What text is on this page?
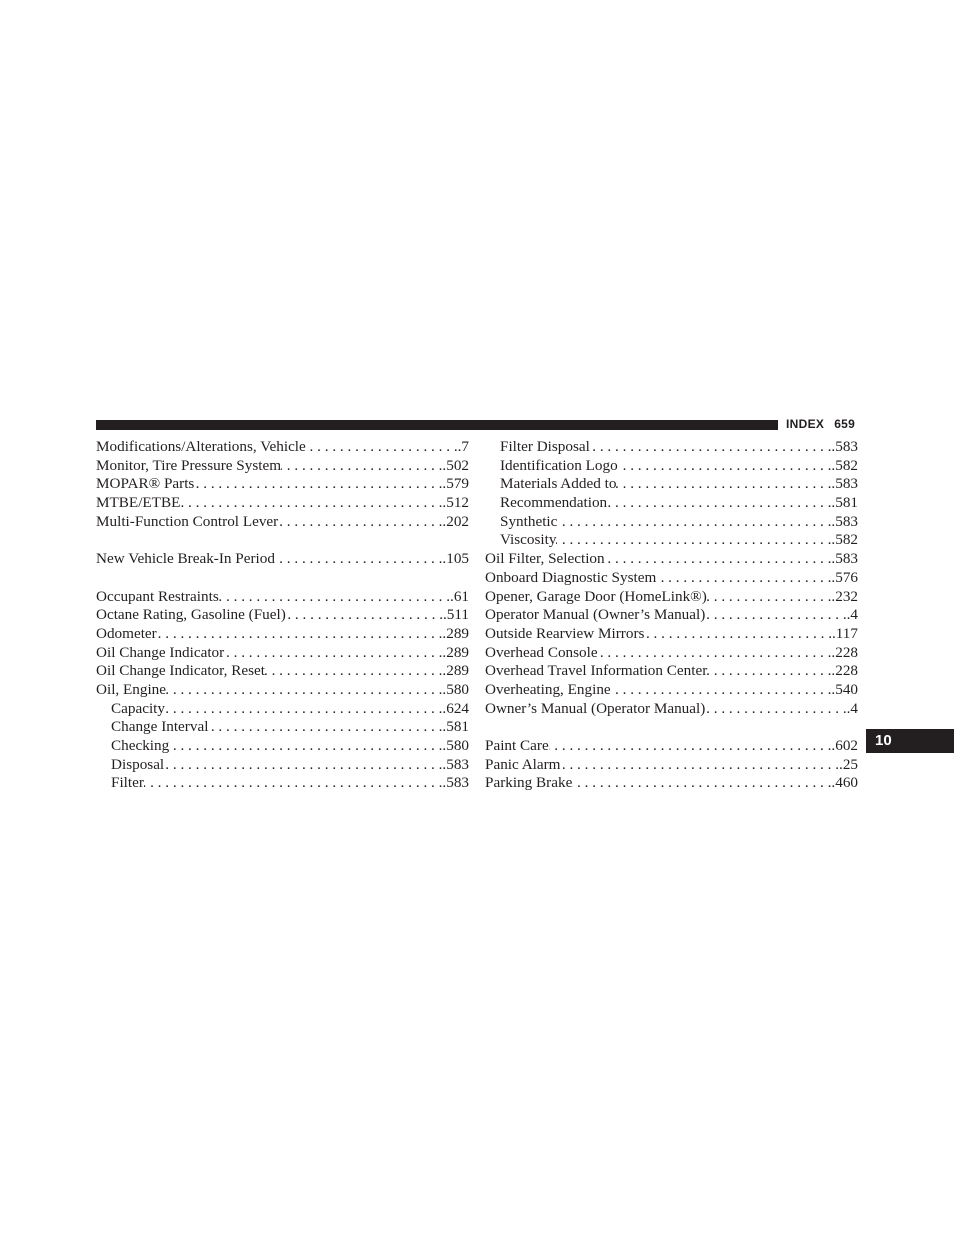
INDEX 659
Modifications/Alterations, Vehicle . . .	.7
Monitor, Tire Pressure System . . .	.502
MOPAR® Parts . . .	.579
MTBE/ETBE . . .	.512
Multi-Function Control Lever . . .	.202
New Vehicle Break-In Period . . .	.105
Occupant Restraints . . .	.61
Octane Rating, Gasoline (Fuel) . . .	.511
Odometer . . .	.289
Oil Change Indicator . . .	.289
Oil Change Indicator, Reset . . .	.289
Oil, Engine . . .	.580
Capacity . . .	.624
Change Interval . . .	.581
Checking . . .	.580
Disposal . . .	.583
Filter . . .	.583
Filter Disposal . . .	.583
Identification Logo . . .	.582
Materials Added to . . .	.583
Recommendation . . .	.581
Synthetic . . .	.583
Viscosity . . .	.582
Oil Filter, Selection . . .	.583
Onboard Diagnostic System . . .	.576
Opener, Garage Door (HomeLink®) . . .	.232
Operator Manual (Owner’s Manual) . . .	.4
Outside Rearview Mirrors . . .	.117
Overhead Console . . .	.228
Overhead Travel Information Center . . .	.228
Overheating, Engine . . .	.540
Owner’s Manual (Operator Manual) . . .	.4
Paint Care . . .	.602
Panic Alarm . . .	.25
Parking Brake . . .	.460
10
